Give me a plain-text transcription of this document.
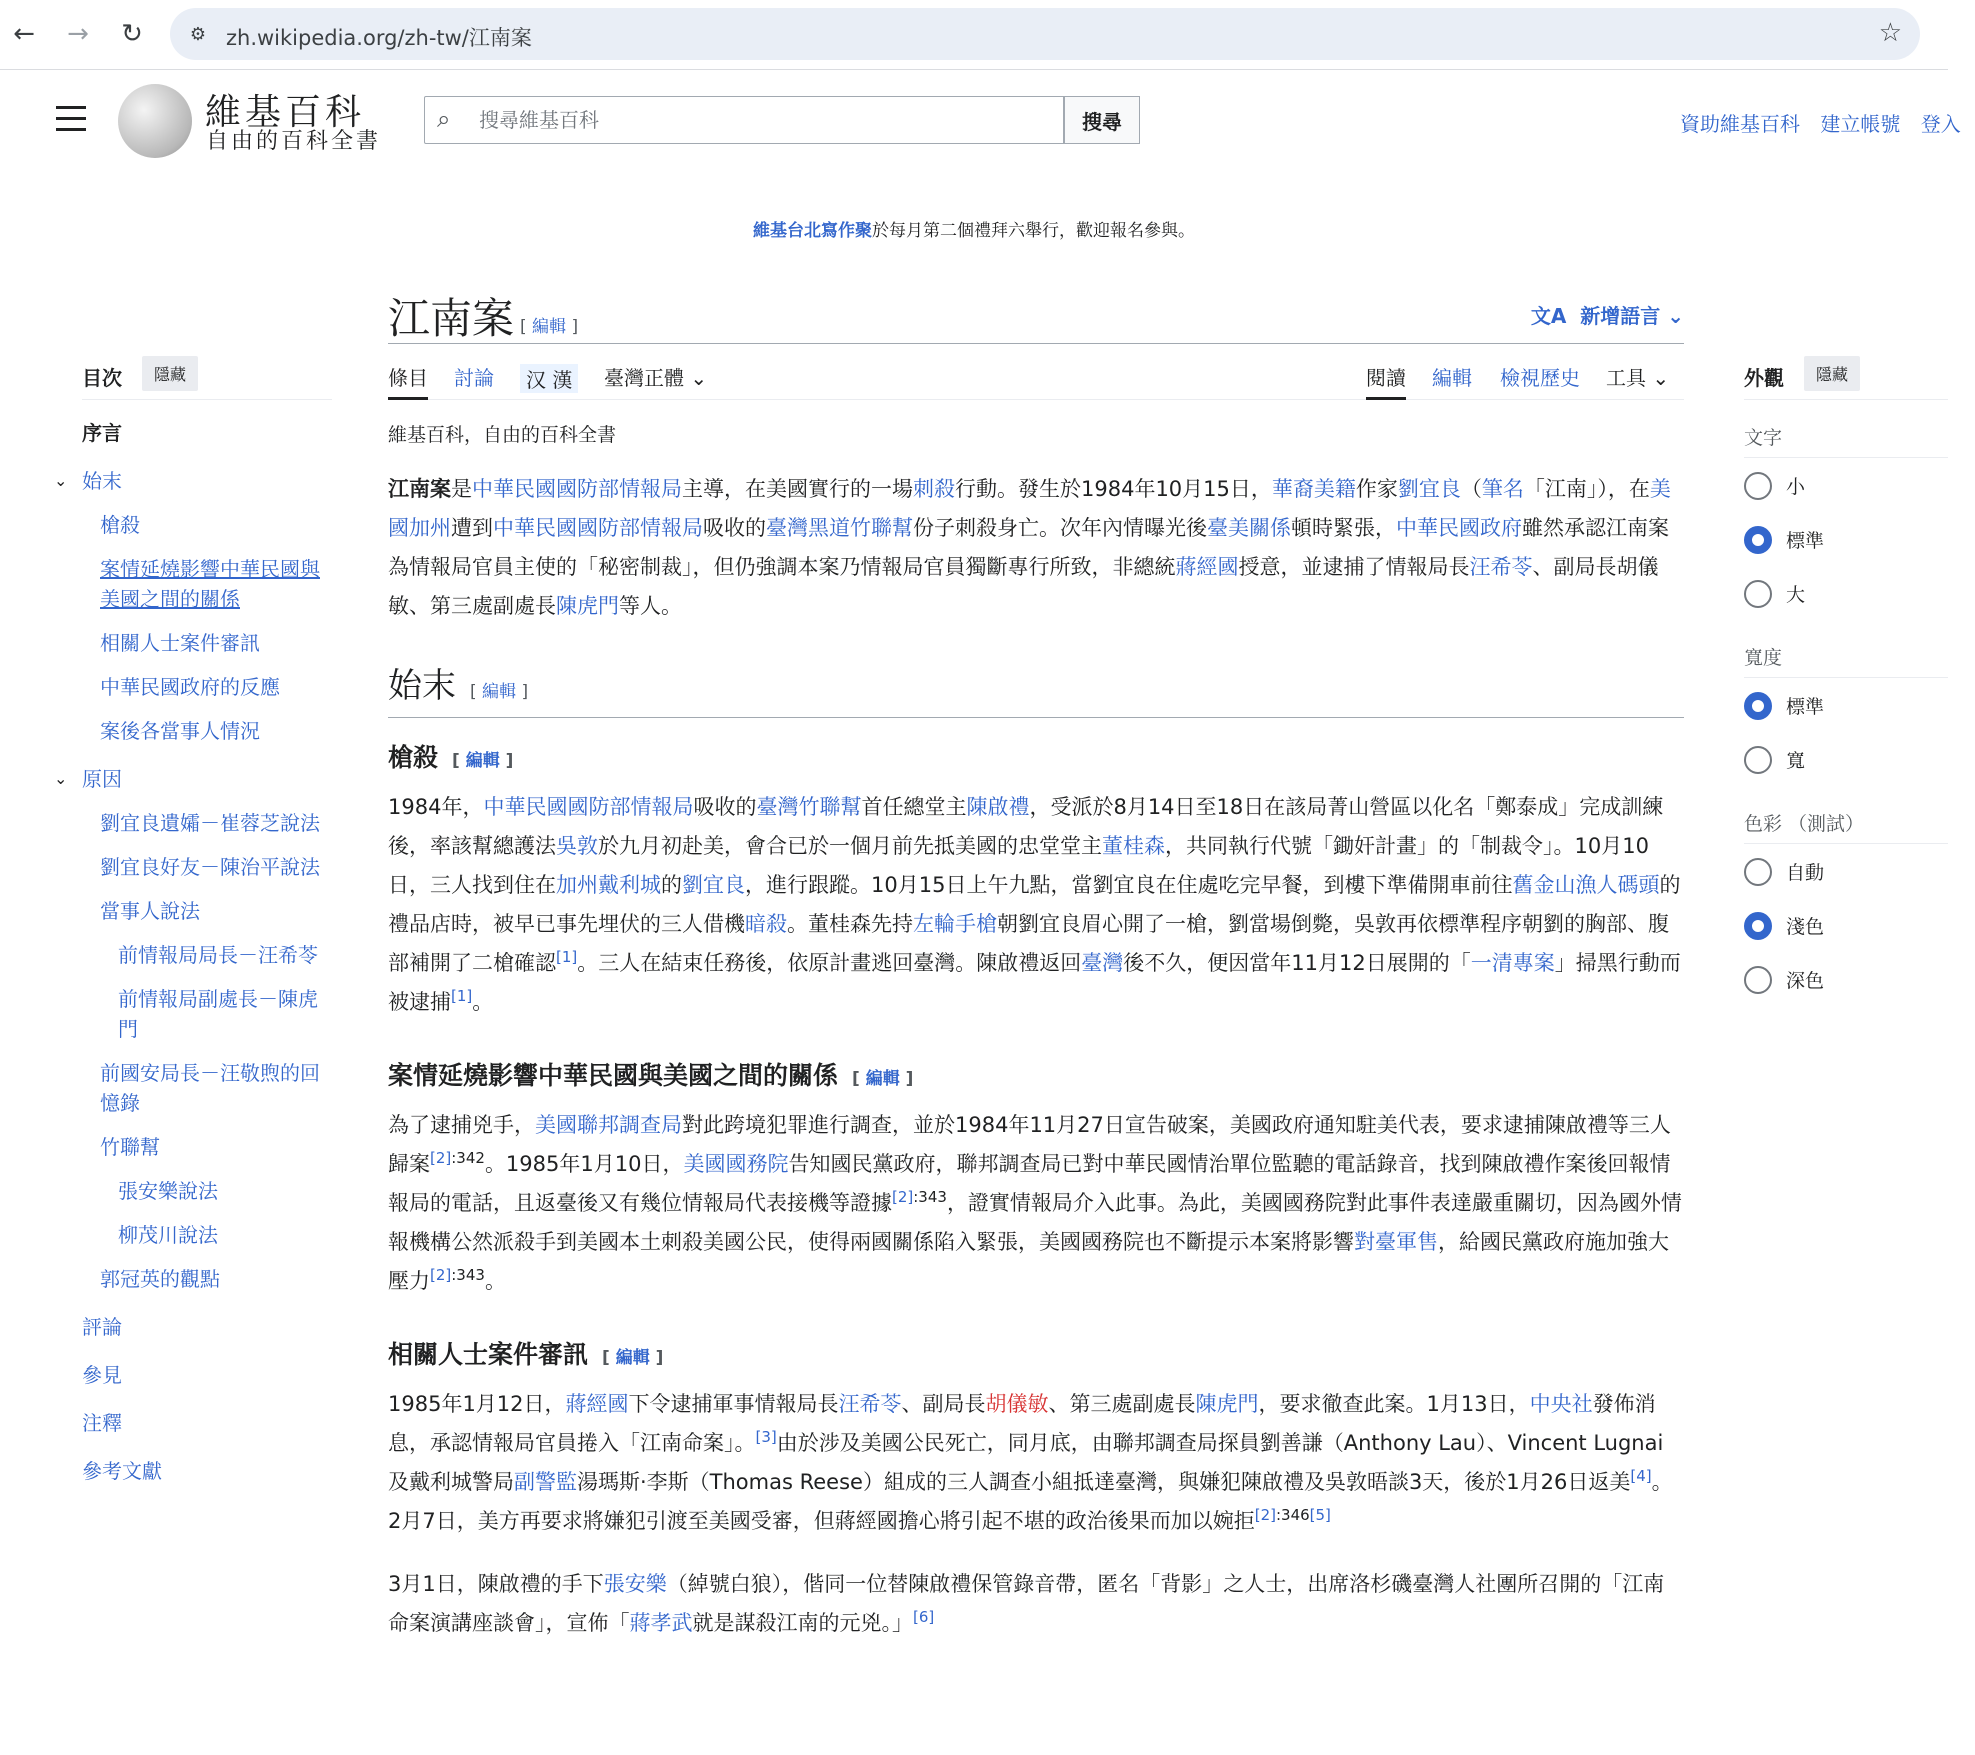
← → ↻	⚙ zh.wikipedia.org/zh-tw/江南案	☆
維基百科
自由的百科全書
⌕
搜尋維基百科	搜尋	資助維基百科 建立帳號 登入
維基台北寫作聚於每月第二個禮拜六舉行，歡迎報名參與。
目次	隱藏
序言
⌄ 始末
槍殺
案情延燒影響中華民國與美國之間的關係
相關人士案件審訊
中華民國政府的反應
案後各當事人情況
⌄ 原因
劉宜良遺孀－崔蓉芝說法
劉宜良好友－陳治平說法
當事人說法
前情報局局長－汪希苓
前情報局副處長－陳虎門
前國安局長－汪敬煦的回憶錄
竹聯幫
張安樂說法
柳茂川說法
郭冠英的觀點
評論
參見
注釋
參考文獻
江南案 [ 編輯 ]	文A 新增語言 ⌄
條目 討論	汉 漢	臺灣正體 ⌄	閱讀 編輯 檢視歷史 工具 ⌄
維基百科，自由的百科全書

江南案是中華民國國防部情報局主導，在美國實行的一場刺殺行動。發生於1984年10月15日，華裔美籍作家劉宜良（筆名「江南」），在美國加州遭到中華民國國防部情報局吸收的臺灣黑道竹聯幫份子刺殺身亡。次年內情曝光後臺美關係頓時緊張，中華民國政府雖然承認江南案為情報局官員主使的「秘密制裁」，但仍強調本案乃情報局官員獨斷專行所致，非總統蔣經國授意，並逮捕了情報局長汪希苓、副局長胡儀敏、第三處副處長陳虎門等人。

始末 [ 編輯 ]
槍殺 [ 編輯 ]

1984年，中華民國國防部情報局吸收的臺灣竹聯幫首任總堂主陳啟禮，受派於8月14日至18日在該局菁山營區以化名「鄭泰成」完成訓練後，率該幫總護法吳敦於九月初赴美，會合已於一個月前先抵美國的忠堂堂主董桂森，共同執行代號「鋤奸計畫」的「制裁令」。10月10日，三人找到住在加州戴利城的劉宜良，進行跟蹤。10月15日上午九點，當劉宜良在住處吃完早餐，到樓下準備開車前往舊金山漁人碼頭的禮品店時，被早已事先埋伏的三人借機暗殺。董桂森先持左輪手槍朝劉宜良眉心開了一槍，劉當場倒斃，吳敦再依標準程序朝劉的胸部、腹部補開了二槍確認[1]。三人在結束任務後，依原計畫逃回臺灣。陳啟禮返回臺灣後不久，便因當年11月12日展開的「一清專案」掃黑行動而被逮捕[1]。

案情延燒影響中華民國與美國之間的關係 [ 編輯 ]

為了逮捕兇手，美國聯邦調查局對此跨境犯罪進行調查，並於1984年11月27日宣告破案，美國政府通知駐美代表，要求逮捕陳啟禮等三人歸案$^{[2]:342}$。1985年1月10日，美國國務院告知國民黨政府，聯邦調查局已對中華民國情治單位監聽的電話錄音，找到陳啟禮作案後回報情報局的電話，且返臺後又有幾位情報局代表接機等證據$^{[2]:343}$，證實情報局介入此事。為此，美國國務院對此事件表達嚴重關切，因為國外情報機構公然派殺手到美國本土刺殺美國公民，使得兩國關係陷入緊張，美國國務院也不斷提示本案將影響對臺軍售，給國民黨政府施加強大壓力$^{[2]:343}$。

相關人士案件審訊 [ 編輯 ]

1985年1月12日，蔣經國下令逮捕軍事情報局長汪希苓、副局長胡儀敏、第三處副處長陳虎門，要求徹查此案。1月13日，中央社發佈消息，承認情報局官員捲入「江南命案」。[3]由於涉及美國公民死亡，同月底，由聯邦調查局探員劉善謙（Anthony Lau）、Vincent Lugnai及戴利城警局副警監湯瑪斯·李斯（Thomas Reese）組成的三人調查小組抵達臺灣，與嫌犯陳啟禮及吳敦晤談3天，後於1月26日返美[4]。2月7日，美方再要求將嫌犯引渡至美國受審，但蔣經國擔心將引起不堪的政治後果而加以婉拒[2]:346[5]

3月1日，陳啟禮的手下張安樂（綽號白狼），偕同一位替陳啟禮保管錄音帶，匿名「背影」之人士，出席洛杉磯臺灣人社團所召開的「江南命案演講座談會」，宣佈「蔣孝武就是謀殺江南的元兇。」[6]

外觀	隱藏
文字
小
標準
大
寬度
標準
寬
色彩 （測試）
自動
淺色
深色
